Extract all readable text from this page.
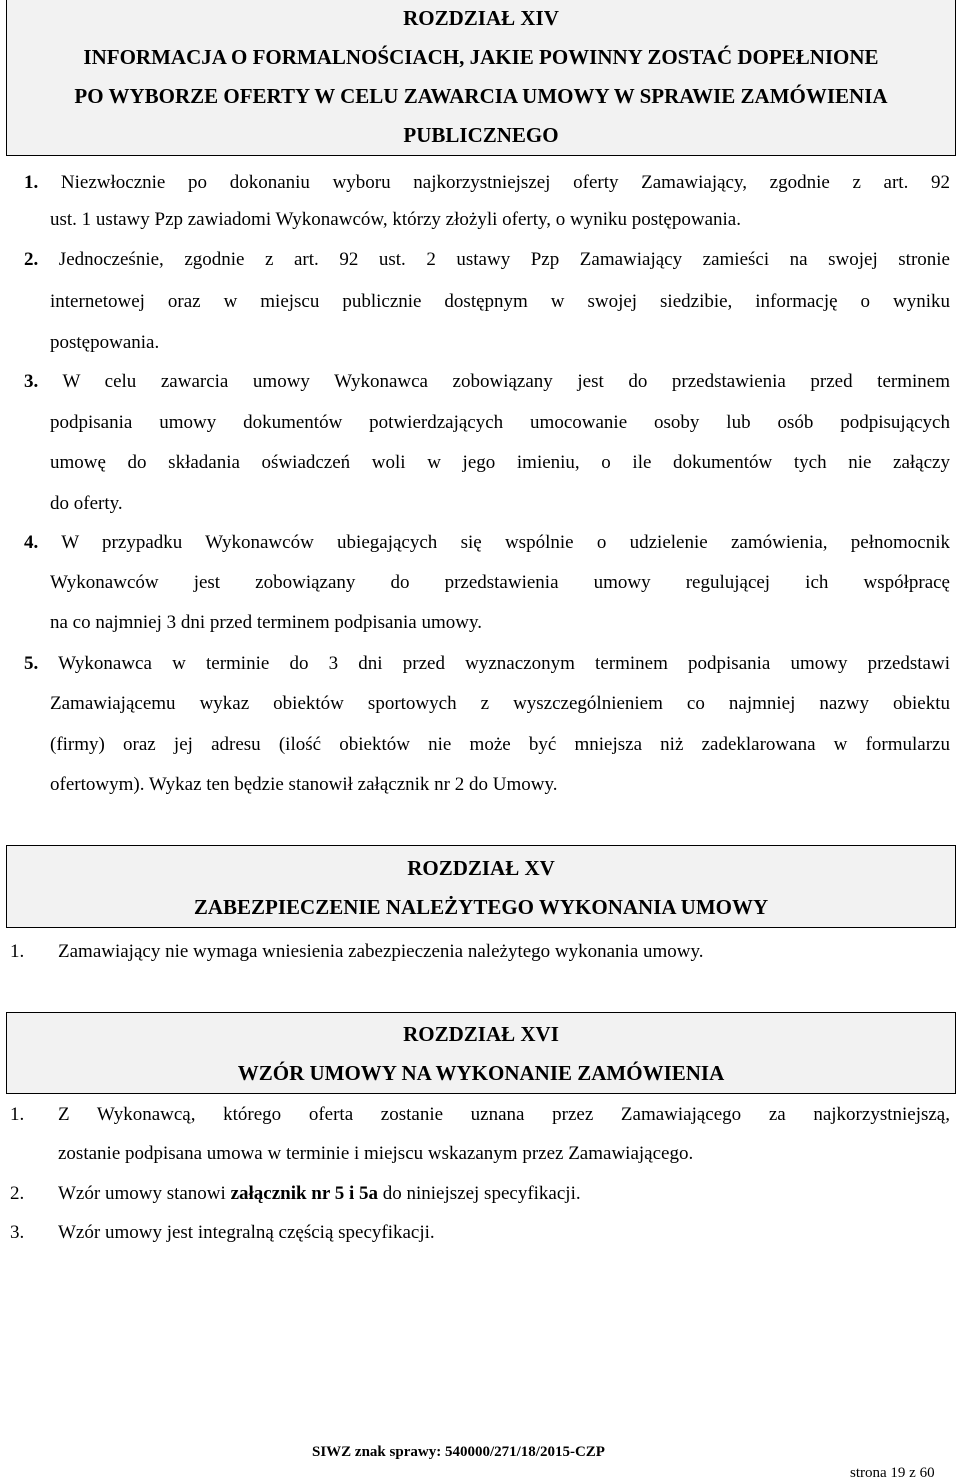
ROZDZIAŁ XIV
INFORMACJA O FORMALNOŚCIACH, JAKIE POWINNY ZOSTAĆ DOPEŁNIONE
PO WYBORZE OFERTY W CELU ZAWARCIA UMOWY W SPRAWIE ZAMÓWIENIA
PUBLICZNEGO
1. Niezwłocznie po dokonaniu wyboru najkorzystniejszej oferty Zamawiający, zgodnie z art. 92
ust. 1 ustawy Pzp zawiadomi Wykonawców, którzy złożyli oferty, o wyniku postępowania.
2. Jednocześnie, zgodnie z art. 92 ust. 2 ustawy Pzp Zamawiający zamieści na swojej stronie
internetowej oraz w miejscu publicznie dostępnym w swojej siedzibie, informację o wyniku
postępowania.
3. W celu zawarcia umowy Wykonawca zobowiązany jest do przedstawienia przed terminem
podpisania umowy dokumentów potwierdzających umocowanie osoby lub osób podpisujących
umowę do składania oświadczeń woli w jego imieniu, o ile dokumentów tych nie załączy
do oferty.
4. W przypadku Wykonawców ubiegających się wspólnie o udzielenie zamówienia, pełnomocnik
Wykonawców jest zobowiązany do przedstawienia umowy regulującej ich współpracę
na co najmniej 3 dni przed terminem podpisania umowy.
5. Wykonawca w terminie do 3 dni przed wyznaczonym terminem podpisania umowy przedstawi
Zamawiającemu wykaz obiektów sportowych z wyszczególnieniem co najmniej nazwy obiektu
(firmy) oraz jej adresu (ilość obiektów nie może być mniejsza niż zadeklarowana w formularzu
ofertowym). Wykaz ten będzie stanowił załącznik nr 2 do Umowy.
ROZDZIAŁ XV
ZABEZPIECZENIE NALEŻYTEGO WYKONANIA UMOWY
1. Zamawiający nie wymaga wniesienia zabezpieczenia należytego wykonania umowy.
ROZDZIAŁ XVI
WZÓR UMOWY NA WYKONANIE ZAMÓWIENIA
1. Z Wykonawcą, którego oferta zostanie uznana przez Zamawiającego za najkorzystniejszą,
zostanie podpisana umowa w terminie i miejscu wskazanym przez Zamawiającego.
2. Wzór umowy stanowi załącznik nr 5 i 5a do niniejszej specyfikacji.
3. Wzór umowy jest integralną częścią specyfikacji.
SIWZ znak sprawy: 540000/271/18/2015-CZP
strona 19 z 60
